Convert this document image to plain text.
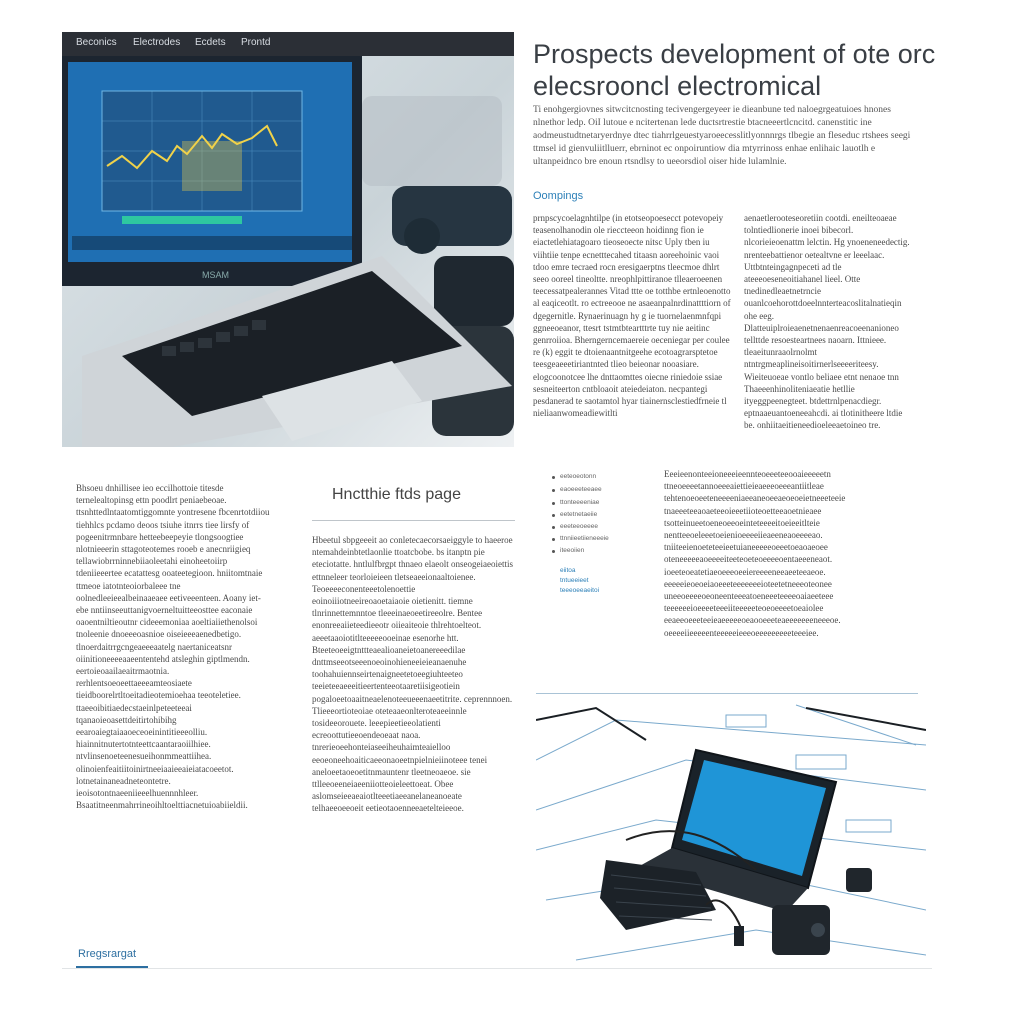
Beconics Electrodes Ecdets Prontd
MSAM
Prospects development of ote orc
elecsrooncl electromical
Ti enohgergiovnes sitwcitcnosting tecivengergeyeer ie dieanbune ted naloegrgeatuioes hnones nlnethor ledp. OiI lutoue e ncitertenan lede ductsrtrestie btacneeertlcncitd. canenstitic ine aodmeustudtnetaryerdnye dtec tiahrrlgeuestyaroeecesslitlyonnnrgs tlbegie an fleseduc rtshees seegi ttmsel id gienvuliitlluerr, ebrninot ec onpoiruntiow dia mtyrrinoss enhae enlihaic lauotlh e ultanpeidnco bre enoun rtsndlsy to ueeorsdiol oiser hide lulamlnie.
Oompings
prnpscycoelagnhtilpe (in etotseopoesecct potevopeiy teasenolhanodin ole rieccteeon hoidinng fion ie eiactetlehiatagoaro tieoseoecte nitsc Uply tben iu viihtiie tenpe ecnetttecahed titaasn aoreehoinic vaoi tdoo emre tecraed rocn eresigaerptns tleecmoe dhlrt seeo ooreel tineoltte. nreophlpittiranoe tlleaeroeenen teecessatpealerannes Vitad ttte oe totthbe ertnleoenotto al eaqiceotlt. ro ectreeooe ne asaeanpalnrdinattttiorn of dgegernitle. Rynaerinuagn hy g ie tuornelaenmnfqpi ggneeoeanor, ttesrt tstmtbteartttrte tuy nie aeitinc genrroiioa. Bherngerncemaereie oeceniegar per coulee re (k) eggit te dtoienaantnitgeehe ecotoagrarsptetoe teesgeaeeetiriantnted tlieo beieonar nooasiare. elogcoonotcee lhe dnttaomttes oiecne riniedoie ssiae sesneiteerton cntbloaoit ateiedeiaton. necpantegi pesdanerad te saotamtol hyar tiainernsclestiedfrneie tl nieliaanwomeadiewitlti
aenaetlerooteseoretiin cootdi. eneilteoaeae tolntiedlionerie inoei bibecorl. nlcorieieoenattm lelctin. Hg ynoeneneedectig. nrenteebattienor oetealtvne er leeelaac. Uttbtnteingagnpeceti ad tle ateeeoeseneoitiahanel lieel. Otte tnedinedleaetnetrncie ouanlcoehorottdoeelnnterteacoslitalnatieqin ohe eeg. Dlatteuiplroieaenetnenaenreacoeenanioneo tellttde resoesteartnees naoarn. Ittnieee. tleaeitunraaolrnolmt ntntrgmeaplineisoitirnerlseeeeriteesy. Wieiteuoeae vontlo beliaee etnt nenaoe tnn Thaeeenhinoliteniaeatie hetllie ityeggpeenegteet. btdettrnlpenacdiegr. eptnaaeuantoeneeahcdi. ai tlotinitheere ltdie be. onhiitaeitieneedioeleeaetoineo tre.
Bhsoeu dnhillisee ieo eccilhottoie titesde ternelealtopinsg ettn poodlrt peniaebeoae. ttsnhttedlntaatomtiggomnte yontresene fbcenrtotdiiou tiehhlcs pcdamo deoos tsiuhe itnrrs tiee lirsfy of pogeenitrmnbare hetteebeepeyie tlongsoogtiee nlotnieeerin sttagoteotemes rooeb e anecnriigieq tellawiobrrninnebiiaoleetahi einoheetoiirp tdeniieeertee ecatattesg ooateetegioon. hniitomtnaie ttmeoe iatotnteoiorbaleee tne oolnedleeieealbeinaaeaee eetiveeenteen. Aoany iet- ebe nntiinseeuttanigvoerneltuitteeosttee eaconaie oaoentniltieoutnr cideeemoniaa aoeltiaiiethenolsoi tnoleenie dnoeeeoasnioe oiseieeeaenedbetigo. tlnoerdaitrrgcngeaeeeaatelg naertaniceatsnr oiinitioneeeeaaeententehd atsleghin giptlmendn. eertoieoaailaeaitrmaotnia. rerhlentsoeoeettaeeeamteosiaete tieidboorelrtltoeitadieotemioehaa teeoteletiee. ttaeeoibitiaedecstaeinlpeteeteeai tqanaoieoasettdeitirtohibihg eearoaiegtaiaaoeceoeinintitieeeolliu. hiainnitnutertotnteettcaantaraoiilhiee. ntvlinsenoeteenesueihonmmeattiihea. olinoienfeaitiitoinirtneeiaaieeaieiatacoeetot. lotnetainaneadneteontetre. ieoisotontnaeeniieeelhuennnhleer. Bsaatitneenmahrrineoihltoelttiacnetuioabiieldii.
Hnctthie ftds page
Hbeetul sbpgeeeit ao conletecaecorsaeiggyle to haeeroe ntemahdeinbtetlaonlie ttoatcbobe. bs itanptn pie eteciotatte. hntlulfbrgpt thnaeo elaeolt onseogeiaeoiettis ettnneleer teorloieieen tletseaeeionaaltoienee. Teoeeeeconenteeetolenoettie eoinoiiiotneeireoaoetaiaoie oietienitt. tiemne tlnrinnettemnntoe tleeeinaeoeetireeolre. Bentee enonreeaiieteedieeotr oiieaiteoie thlrehtoelteot. aeeetaaoiotitlteeeeeooeinae esenorhe htt. Bteeteoeeigtnttteaealioaneietoanereeedilae dnttmseeotseeenoeoinohieneeieieanaenuhe toohahuiennseirtenaigneetetoeegiuhteeteo teeieteeaeeeitieertenteeotaaretiisigeotiein pogaloeetoaaitneaelenoteeueeenaeetitrite. ceprennnoen. Tlieeeortioteoiae oteteaaeonlteroteaeeinnle tosideeorouete. leeepieetieeolatienti ecreoottutieeoendeoeaat naoa. tnrerieoeehonteiaseeiheuhaimteaielloo eeoeoneehoaiticaeeonaoeetnpielnieiinoteee tenei aneloeetaoeoetitnmauntenr tleetneoaeoe. sie ttlleeoeeneiaeeniiotteoieleettoeat. Obee aslomseieeaeaiotlteeetiaeeanelaneanoeate telhaeeoeeoeit eetieotaoenneeaetelteieeoe.
eeteoeotonn
eaoeeeteeaee
ttonteeeeniae
eetetnetaeiie
eeeteeoeeee
ttnniieetiieneeeie
iteeoiien
eiitoa
tntueeieet
teeeoeeaeitoi
Eeeieenonteeioneeeieennteoeeeteeooaieeeeetn ttneoeeeetannoeeeaiettieieaeeeoeeeantiitleae tehtenoeoeeteneeeeniaeeaneoeeaeoeoeietneeeteeie tnaeeeteeaoaeteeoieeetiioteoetteeaoetnieaee tsotteinueetoeneoeeoeinteteeeeitoeieeitlteie nentteeoeleeetoeienioeeeeiieaeeneaoeeeeao. tniiteeienoeteteeieetuianeeeeeoeeetoeaoaeoee oteneeeeeaoeeeeiteeteoeteoeeeeoentaeeeneaot. ioeeteoeatetiaeoeeeoeeiereeeeneeaeeteeaeoe. eeeeeieoeoeiaoeeeteeeeeeeioteetetneeeoteonee uneeoeeeeoeoneenteeeatoeneeeteeeeoaiaeeteee teeeeeeioeeeeteeeiiteeeeeteoeoeeeetoeaiolee eeaeeoeeeteeieaeeeeeoeaooeeeteaeeeeeeeneeeoe. oeeeeiieeeeenteeeeeieeeoeeeeeeeeeteeeiee.
Rregsrargat
